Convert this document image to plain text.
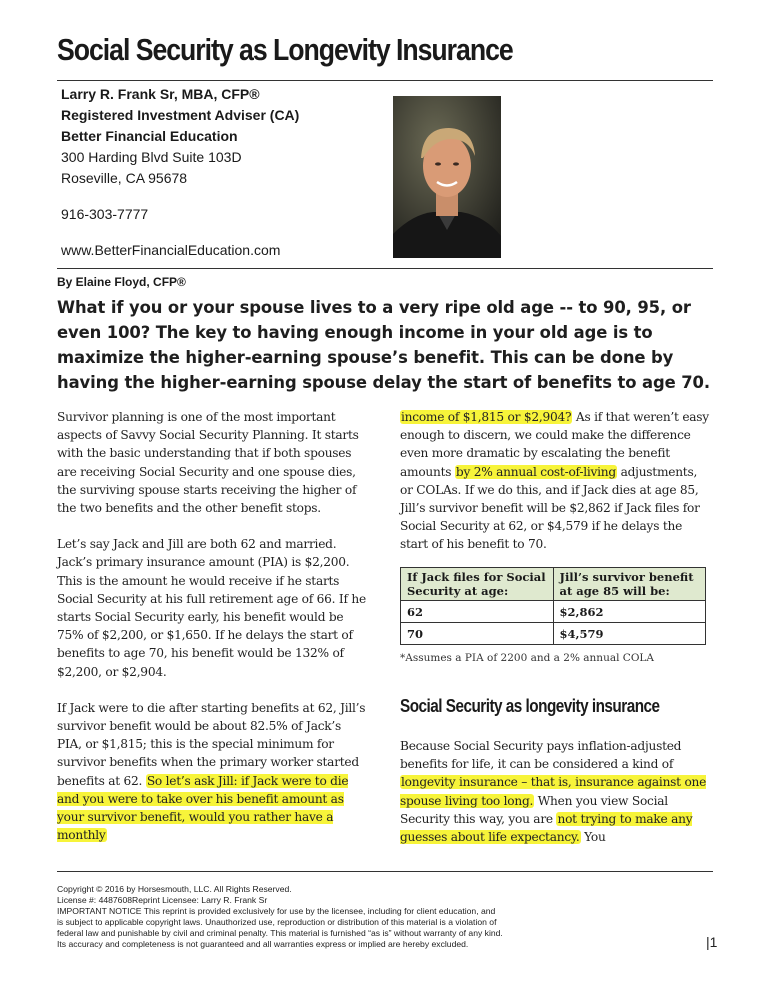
Social Security as Longevity Insurance
Larry R. Frank Sr, MBA, CFP®
Registered Investment Adviser (CA)
Better Financial Education
300 Harding Blvd Suite 103D
Roseville, CA 95678
916-303-7777
www.BetterFinancialEducation.com
By Elaine Floyd, CFP®
What if you or your spouse lives to a very ripe old age -- to 90, 95, or even 100? The key to having enough income in your old age is to maximize the higher-earning spouse’s benefit. This can be done by having the higher-earning spouse delay the start of benefits to age 70.

Survivor planning is one of the most important aspects of Savvy Social Security Planning. It starts with the basic understanding that if both spouses are receiving Social Security and one spouse dies, the surviving spouse starts receiving the higher of the two benefits and the other benefit stops.

Let’s say Jack and Jill are both 62 and married. Jack’s primary insurance amount (PIA) is $2,200. This is the amount he would receive if he starts Social Security at his full retirement age of 66. If he starts Social Security early, his benefit would be 75% of $2,200, or $1,650. If he delays the start of benefits to age 70, his benefit would be 132% of $2,200, or $2,904.

If Jack were to die after starting benefits at 62, Jill’s survivor benefit would be about 82.5% of Jack’s PIA, or $1,815; this is the special minimum for survivor benefits when the primary worker started benefits at 62. So let’s ask Jill: if Jack were to die and you were to take over his benefit amount as your survivor benefit, would you rather have a monthly

income of $1,815 or $2,904? As if that weren’t easy enough to discern, we could make the difference even more dramatic by escalating the benefit amounts by 2% annual cost-of-living adjustments, or COLAs. If we do this, and if Jack dies at age 85, Jill’s survivor benefit will be $2,862 if Jack files for Social Security at 62, or $4,579 if he delays the start of his benefit to 70.

If Jack files for Social Security at age:	Jill’s survivor benefit at age 85 will be:
62	$2,862
70	$4,579
*Assumes a PIA of 2200 and a 2% annual COLA
Social Security as longevity insurance

Because Social Security pays inflation-adjusted benefits for life, it can be considered a kind of longevity insurance – that is, insurance against one spouse living too long. When you view Social Security this way, you are not trying to make any guesses about life expectancy. You

Copyright © 2016 by Horsesmouth, LLC. All Rights Reserved.
License #: 4487608Reprint Licensee: Larry R. Frank Sr
IMPORTANT NOTICE This reprint is provided exclusively for use by the licensee, including for client education, and
is subject to applicable copyright laws. Unauthorized use, reproduction or distribution of this material is a violation of
federal law and punishable by civil and criminal penalty. This material is furnished “as is” without warranty of any kind.
Its accuracy and completeness is not guaranteed and all warranties express or implied are hereby excluded.	|1
